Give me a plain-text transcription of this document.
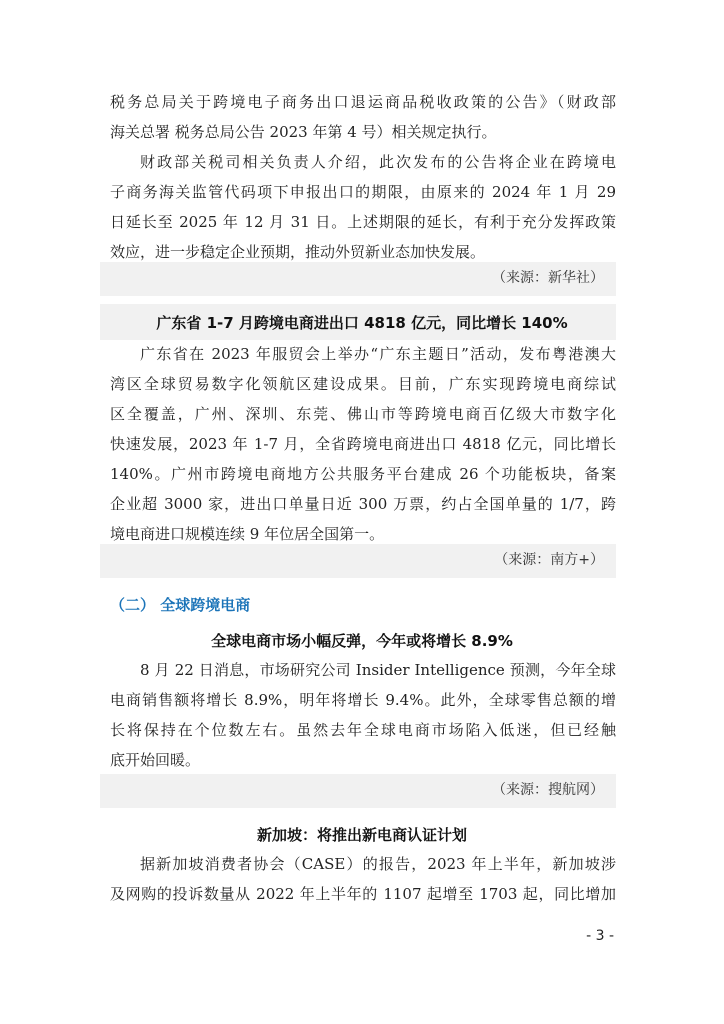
税务总局关于跨境电子商务出口退运商品税收政策的公告》（财政部
海关总署 税务总局公告 2023 年第 4 号）相关规定执行。
财政部关税司相关负责人介绍，此次发布的公告将企业在跨境电
子商务海关监管代码项下申报出口的期限，由原来的 2024 年 1 月 29
日延长至 2025 年 12 月 31 日。上述期限的延长，有利于充分发挥政策
效应，进一步稳定企业预期，推动外贸新业态加快发展。
（来源：新华社）
广东省 1-7 月跨境电商进出口 4818 亿元，同比增长 140%
广东省在 2023 年服贸会上举办“广东主题日”活动，发布粤港澳大
湾区全球贸易数字化领航区建设成果。目前，广东实现跨境电商综试
区全覆盖，广州、深圳、东莞、佛山市等跨境电商百亿级大市数字化
快速发展，2023 年 1-7 月，全省跨境电商进出口 4818 亿元，同比增长
140%。广州市跨境电商地方公共服务平台建成 26 个功能板块，备案
企业超 3000 家，进出口单量日近 300 万票，约占全国单量的 1/7，跨
境电商进口规模连续 9 年位居全国第一。
（来源：南方+）
（二） 全球跨境电商
全球电商市场小幅反弹，今年或将增长 8.9%
8 月 22 日消息，市场研究公司 Insider Intelligence 预测，今年全球
电商销售额将增长 8.9%，明年将增长 9.4%。此外，全球零售总额的增
长将保持在个位数左右。虽然去年全球电商市场陷入低迷，但已经触
底开始回暖。
（来源：搜航网）
新加坡：将推出新电商认证计划
据新加坡消费者协会（CASE）的报告，2023 年上半年，新加坡涉
及网购的投诉数量从 2022 年上半年的 1107 起增至 1703 起，同比增加
- 3 -
